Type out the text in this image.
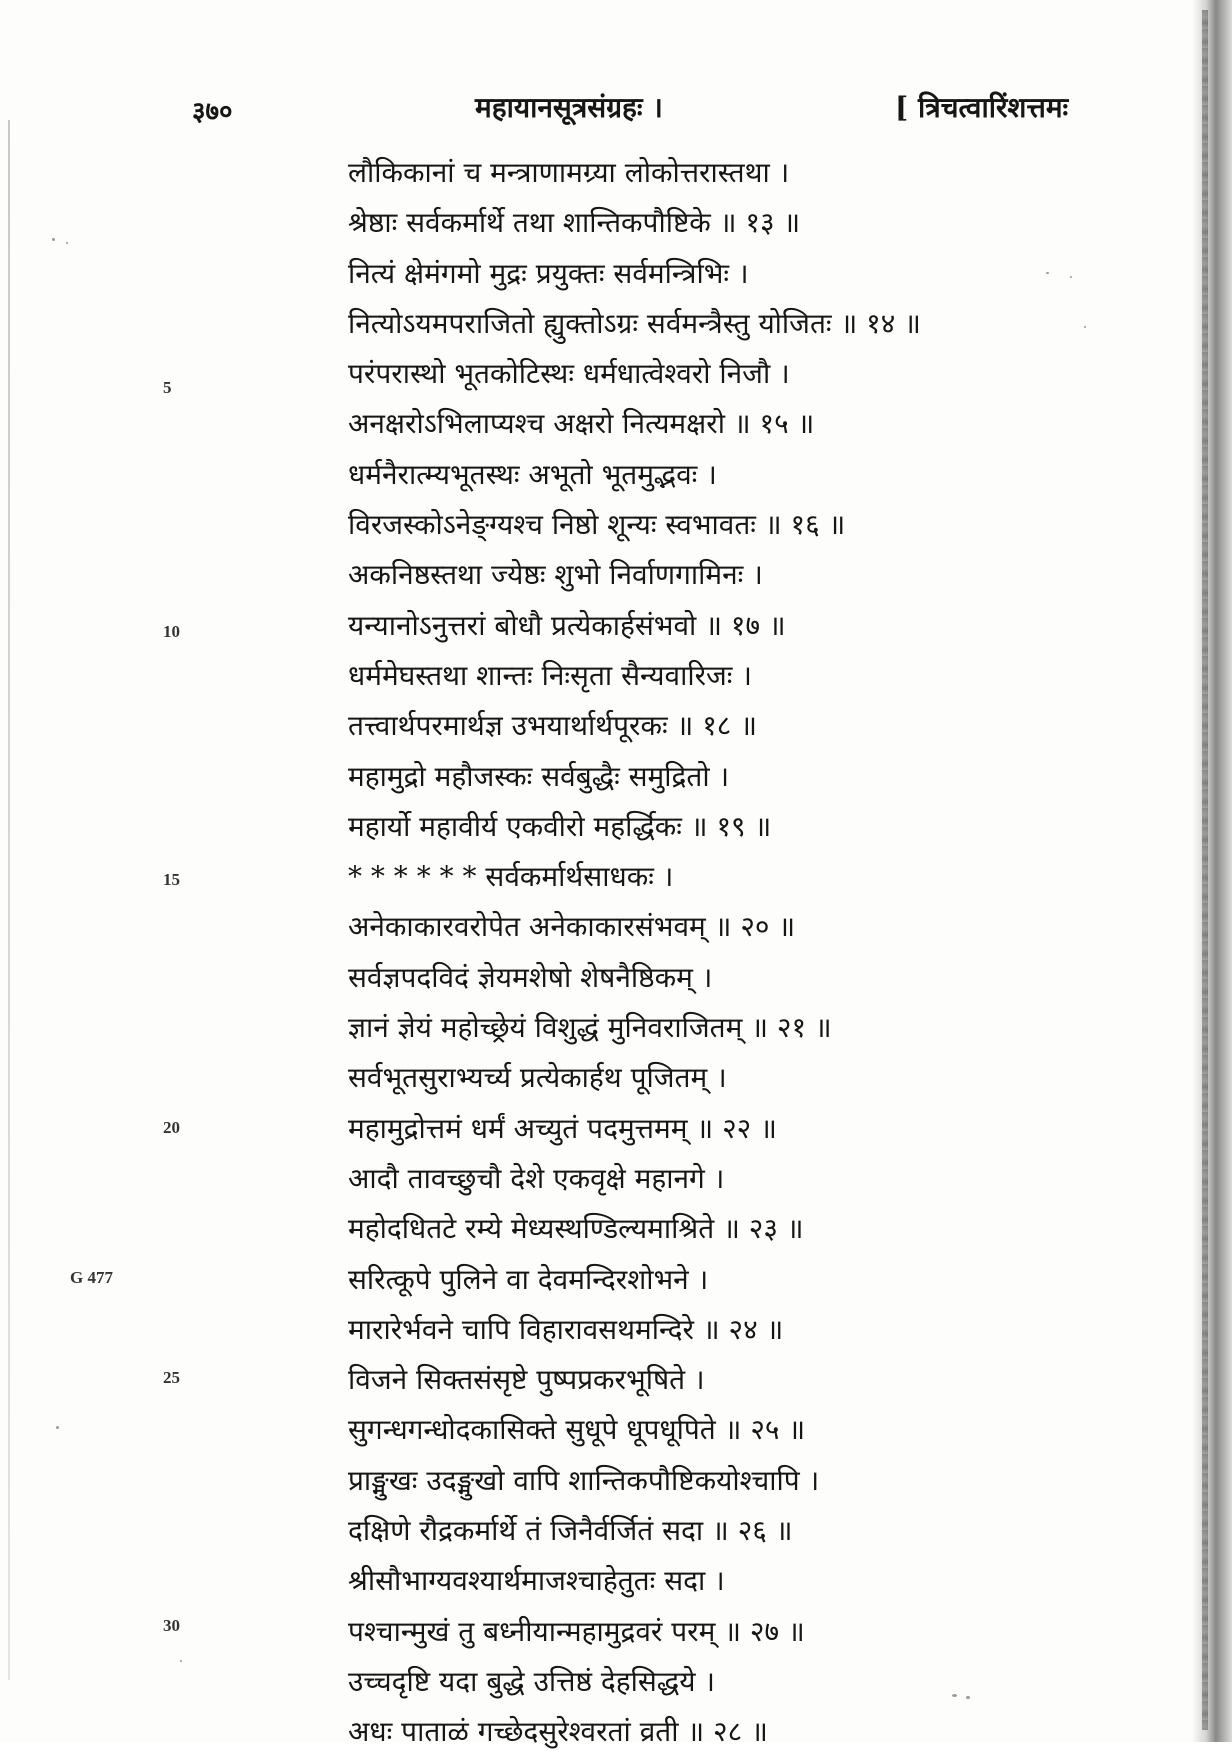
३७०	महायानसूत्रसंग्रहः ।	[ त्रिचत्वारिंशत्तमः
5
10
15
20
25
30
G 477
लौकिकानां च मन्त्राणामग्र्या लोकोत्तरास्तथा ।
श्रेष्ठाः सर्वकर्मार्थे तथा शान्तिकपौष्टिके ॥ १३ ॥
नित्यं क्षेमंगमो मुद्रः प्रयुक्तः सर्वमन्त्रिभिः ।
नित्योऽयमपराजितो ह्युक्तोऽग्रः सर्वमन्त्रैस्तु योजितः ॥ १४ ॥
परंपरास्थो भूतकोटिस्थः धर्मधात्वेश्वरो निजौ ।
अनक्षरोऽभिलाप्यश्च अक्षरो नित्यमक्षरो ॥ १५ ॥
धर्मनैरात्म्यभूतस्थः अभूतो भूतमुद्भवः ।
विरजस्कोऽनेङ्ग्यश्च निष्ठो शून्यः स्वभावतः ॥ १६ ॥
अकनिष्ठस्तथा ज्येष्ठः शुभो निर्वाणगामिनः ।
यन्यानोऽनुत्तरां बोधौ प्रत्येकार्हसंभवो ॥ १७ ॥
धर्ममेघस्तथा शान्तः निःसृता सैन्यवारिजः ।
तत्त्वार्थपरमार्थज्ञ उभयार्थार्थपूरकः ॥ १८ ॥
महामुद्रो महौजस्कः सर्वबुद्धैः समुद्रितो ।
महार्यो महावीर्य एकवीरो महर्द्धिकः ॥ १९ ॥
* * * * * * सर्वकर्मार्थसाधकः ।
अनेकाकारवरोपेत अनेकाकारसंभवम् ॥ २० ॥
सर्वज्ञपदविदं ज्ञेयमशेषो शेषनैष्ठिकम् ।
ज्ञानं ज्ञेयं महोच्छ्रेयं विशुद्धं मुनिवराजितम् ॥ २१ ॥
सर्वभूतसुराभ्यर्च्य प्रत्येकार्हथ पूजितम् ।
महामुद्रोत्तमं धर्मं अच्युतं पदमुत्तमम् ॥ २२ ॥
आदौ तावच्छुचौ देशे एकवृक्षे महानगे ।
महोदधितटे रम्ये मेध्यस्थण्डिल्यमाश्रिते ॥ २३ ॥
सरित्कूपे पुलिने वा देवमन्दिरशोभने ।
मारारेर्भवने चापि विहारावसथमन्दिरे ॥ २४ ॥
विजने सिक्तसंसृष्टे पुष्पप्रकरभूषिते ।
सुगन्धगन्धोदकासिक्ते सुधूपे धूपधूपिते ॥ २५ ॥
प्राङ्मुखः उदङ्मुखो वापि शान्तिकपौष्टिकयोश्चापि ।
दक्षिणे रौद्रकर्मार्थे तं जिनैर्वर्जितं सदा ॥ २६ ॥
श्रीसौभाग्यवश्यार्थमाजश्चाहेतुतः सदा ।
पश्चान्मुखं तु बध्नीयान्महामुद्रवरं परम् ॥ २७ ॥
उच्चदृष्टि यदा बुद्धे उत्तिष्ठं देहसिद्धये ।
अधः पाताळं गच्छेदसुरेश्वरतां व्रती ॥ २८ ॥
